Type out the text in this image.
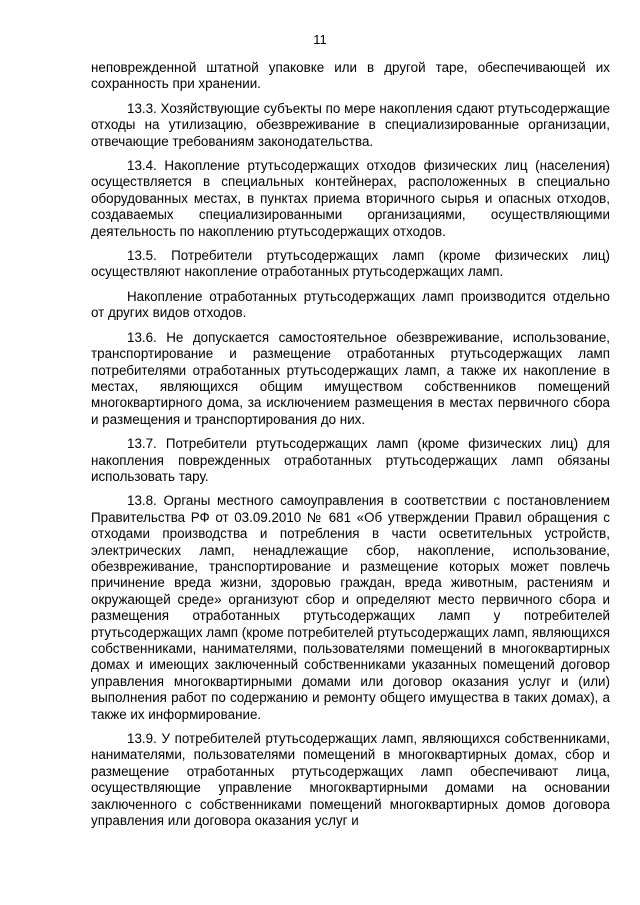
11

неповрежденной штатной упаковке или в другой таре, обеспечивающей их сохранность при хранении.

13.3. Хозяйствующие субъекты по мере накопления сдают ртутьсодержащие отходы на утилизацию, обезвреживание в специализированные организации, отвечающие требованиям законодательства.

13.4. Накопление ртутьсодержащих отходов физических лиц (населения) осуществляется в специальных контейнерах, расположенных в специально оборудованных местах, в пунктах приема вторичного сырья и опасных отходов, создаваемых специализированными организациями, осуществляющими деятельность по накоплению ртутьсодержащих отходов.

13.5. Потребители ртутьсодержащих ламп (кроме физических лиц) осуществляют накопление отработанных ртутьсодержащих ламп.

Накопление отработанных ртутьсодержащих ламп производится отдельно от других видов отходов.

13.6. Не допускается самостоятельное обезвреживание, использование, транспортирование и размещение отработанных ртутьсодержащих ламп потребителями отработанных ртутьсодержащих ламп, а также их накопление в местах, являющихся общим имуществом собственников помещений многоквартирного дома, за исключением размещения в местах первичного сбора и размещения и транспортирования до них.

13.7. Потребители ртутьсодержащих ламп (кроме физических лиц) для накопления поврежденных отработанных ртутьсодержащих ламп обязаны использовать тару.

13.8. Органы местного самоуправления в соответствии с постановлением Правительства РФ от 03.09.2010 № 681 «Об утверждении Правил обращения с отходами производства и потребления в части осветительных устройств, электрических ламп, ненадлежащие сбор, накопление, использование, обезвреживание, транспортирование и размещение которых может повлечь причинение вреда жизни, здоровью граждан, вреда животным, растениям и окружающей среде» организуют сбор и определяют место первичного сбора и размещения отработанных ртутьсодержащих ламп у потребителей ртутьсодержащих ламп (кроме потребителей ртутьсодержащих ламп, являющихся собственниками, нанимателями, пользователями помещений в многоквартирных домах и имеющих заключенный собственниками указанных помещений договор управления многоквартирными домами или договор оказания услуг и (или) выполнения работ по содержанию и ремонту общего имущества в таких домах), а также их информирование.

13.9. У потребителей ртутьсодержащих ламп, являющихся собственниками, нанимателями, пользователями помещений в многоквартирных домах, сбор и размещение отработанных ртутьсодержащих ламп обеспечивают лица, осуществляющие управление многоквартирными домами на основании заключенного с собственниками помещений многоквартирных домов договора управления или договора оказания услуг и
